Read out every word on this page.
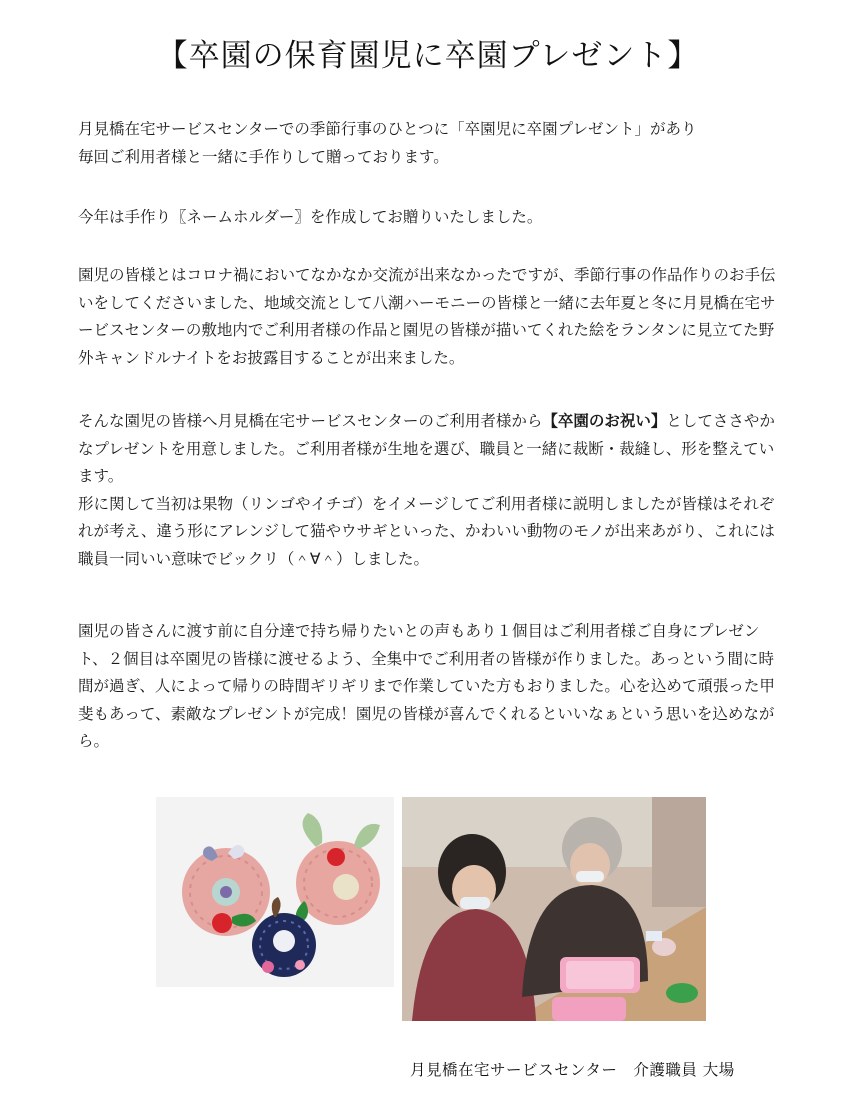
【卒園の保育園児に卒園プレゼント】

月見橋在宅サービスセンターでの季節行事のひとつに「卒園児に卒園プレゼント」があり
毎回ご利用者様と一緒に手作りして贈っております。

今年は手作り〖ネームホルダー〗を作成してお贈りいたしました。

園児の皆様とはコロナ禍においてなかなか交流が出来なかったですが、季節行事の作品作りのお手伝いをしてくださいました、地域交流として八潮ハーモニーの皆様と一緒に去年夏と冬に月見橋在宅サービスセンターの敷地内でご利用者様の作品と園児の皆様が描いてくれた絵をランタンに見立てた野外キャンドルナイトをお披露目することが出来ました。

そんな園児の皆様へ月見橋在宅サービスセンターのご利用者様から【卒園のお祝い】としてささやかなプレゼントを用意しました。ご利用者様が生地を選び、職員と一緒に裁断・裁縫し、形を整えています。
形に関して当初は果物（リンゴやイチゴ）をイメージしてご利用者様に説明しましたが皆様はそれぞれが考え、違う形にアレンジして猫やウサギといった、かわいい動物のモノが出来あがり、これには職員一同いい意味でビックリ（＾∀＾）しました。

園児の皆さんに渡す前に自分達で持ち帰りたいとの声もあり１個目はご利用者様ご自身にプレゼント、２個目は卒園児の皆様に渡せるよう、全集中でご利用者の皆様が作りました。あっという間に時間が過ぎ、人によって帰りの時間ギリギリまで作業していた方もおりました。心を込めて頑張った甲斐もあって、素敵なプレゼントが完成！園児の皆様が喜んでくれるといいなぁという思いを込めながら。

月見橋在宅サービスセンター　介護職員 大場
